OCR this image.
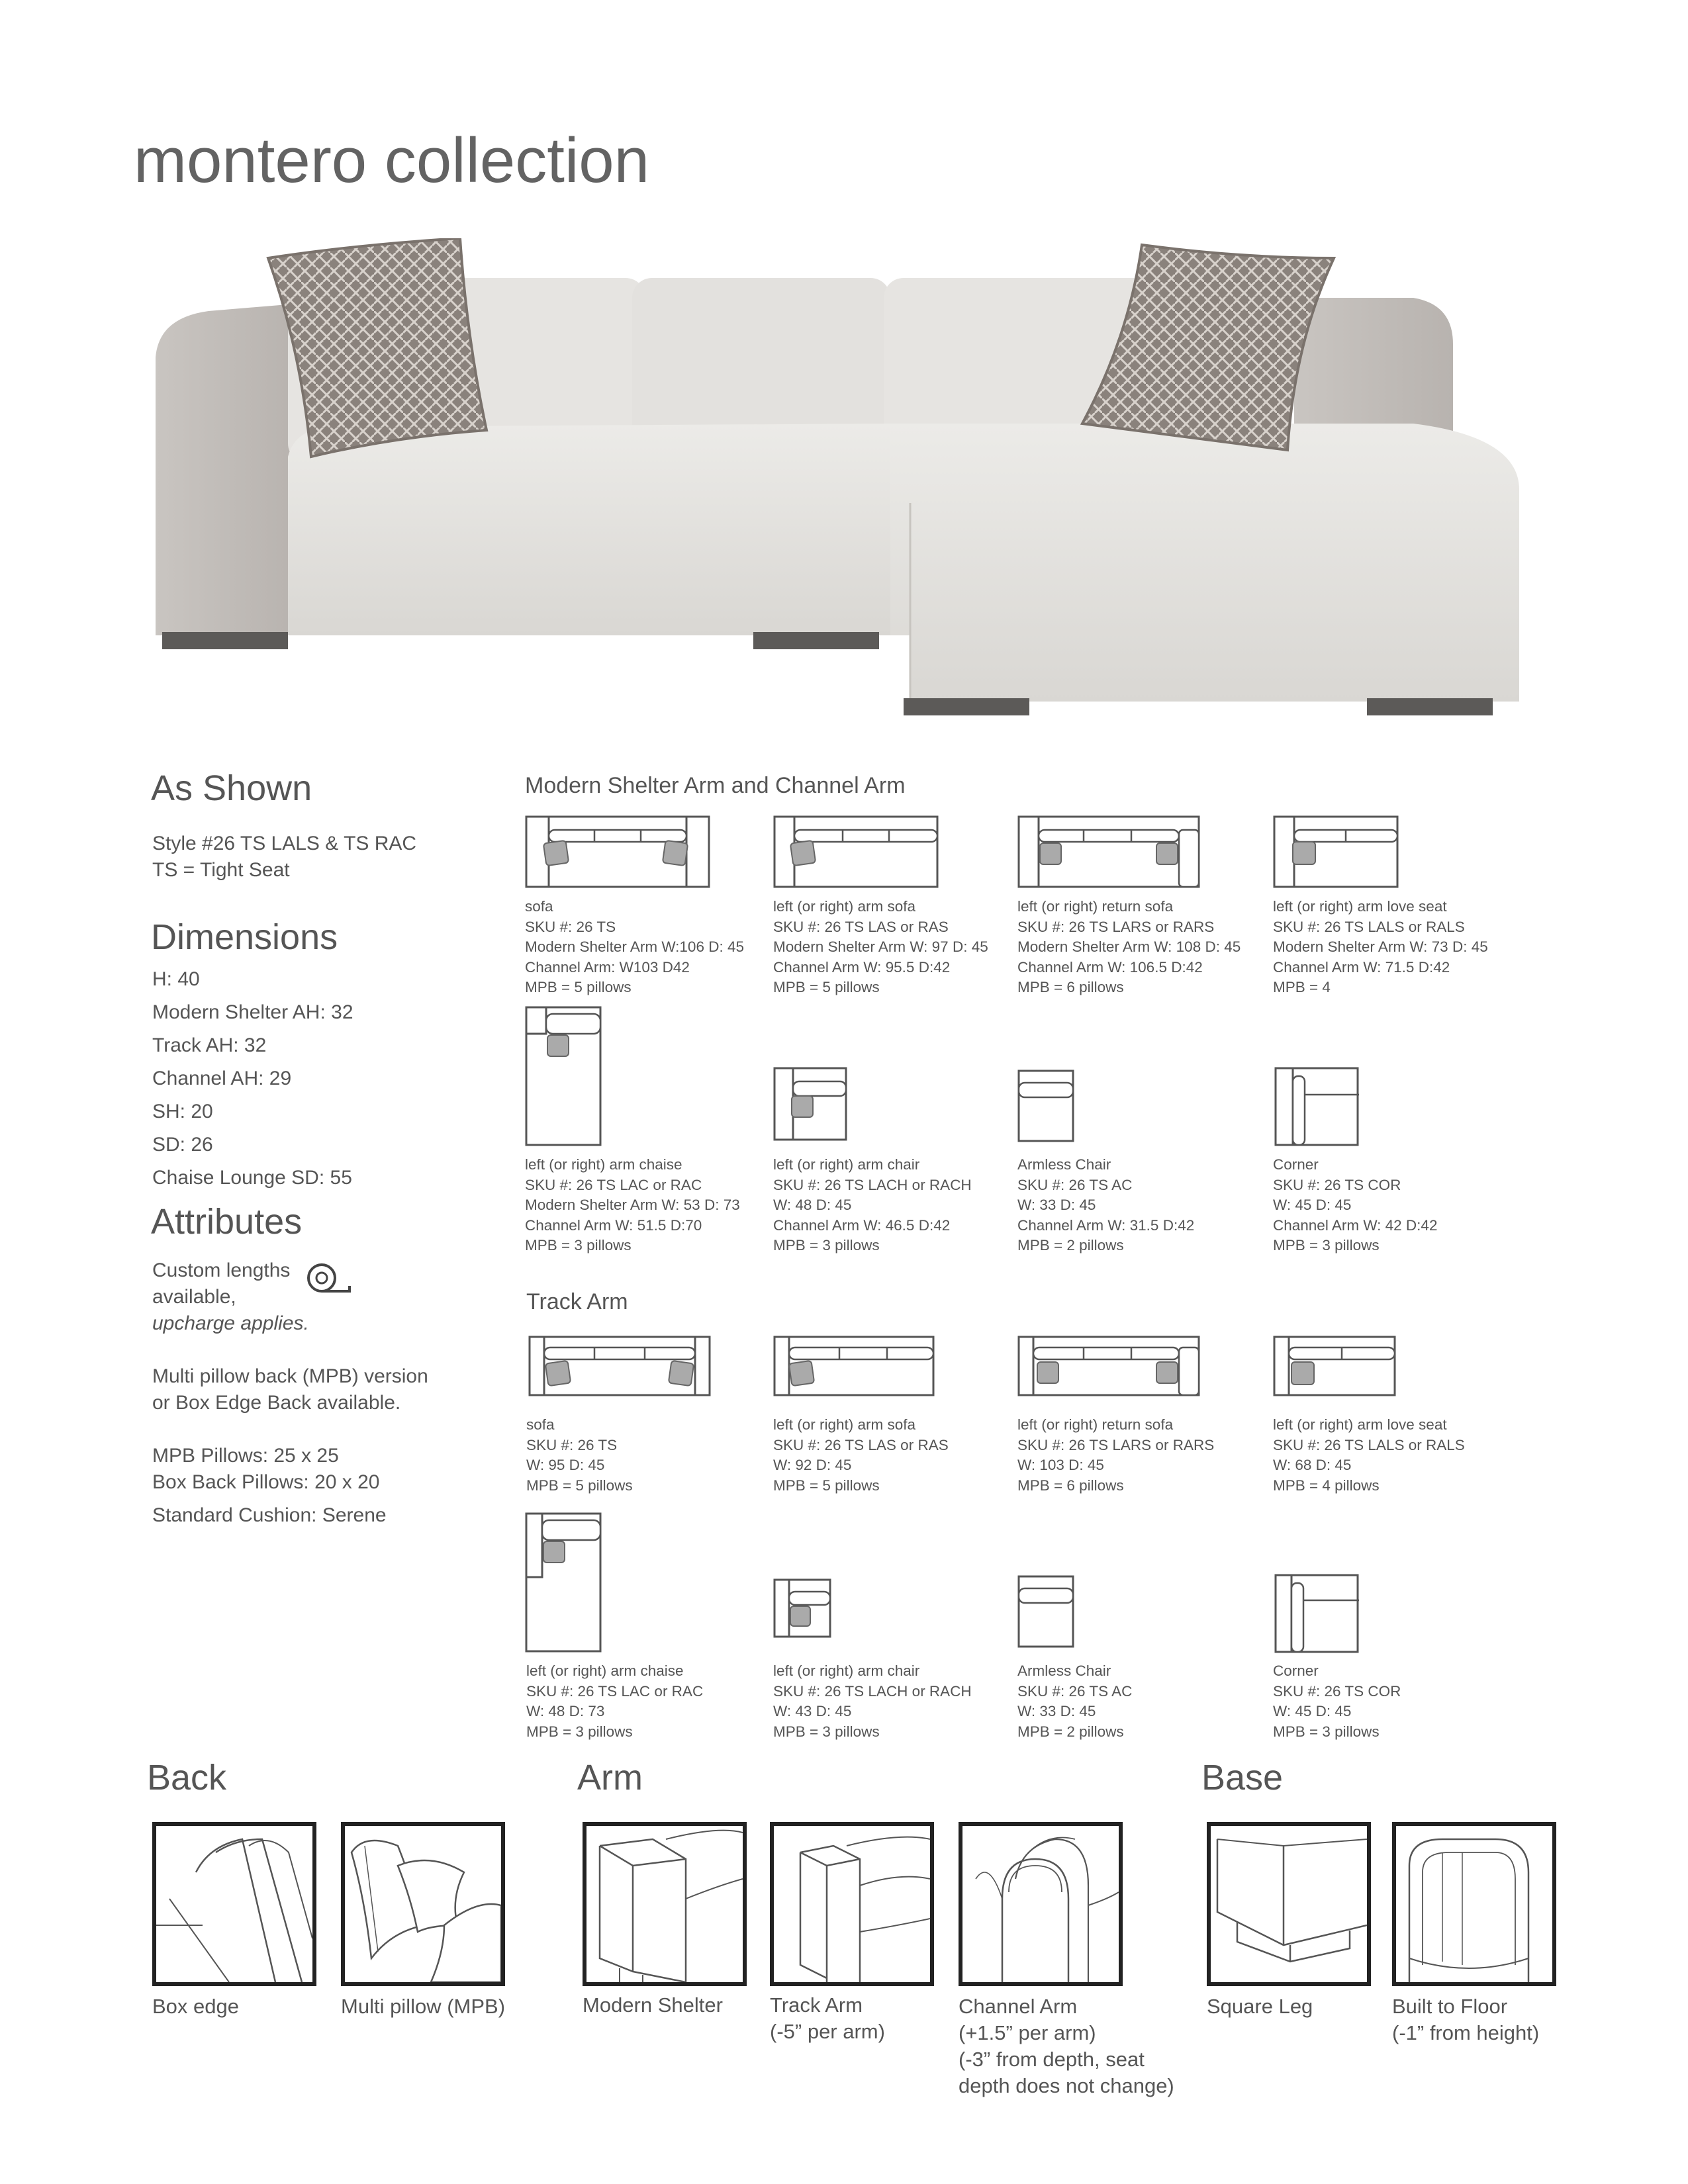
montero collection
As Shown
Style #26 TS LALS & TS RAC
TS = Tight Seat
Dimensions
H: 40
Modern Shelter AH: 32
Track AH: 32
Channel AH: 29
SH: 20
SD: 26
Chaise Lounge SD: 55
Attributes
Custom lengths
available,
upcharge applies.
Multi pillow back (MPB) version
or Box Edge Back available.
MPB Pillows: 25 x 25
Box Back Pillows: 20 x 20
Standard Cushion: Serene
Modern Shelter Arm and Channel Arm
sofa
SKU #: 26 TS
Modern Shelter Arm W:106 D: 45
Channel Arm: W103 D42
MPB = 5 pillows
left (or right) arm sofa
SKU #: 26 TS LAS or RAS
Modern Shelter Arm W: 97 D: 45
Channel Arm W: 95.5 D:42
MPB = 5 pillows
left (or right) return sofa
SKU #: 26 TS LARS or RARS
Modern Shelter Arm W: 108 D: 45
Channel Arm W: 106.5 D:42
MPB = 6 pillows
left (or right) arm love seat
SKU #: 26 TS LALS or RALS
Modern Shelter Arm W: 73 D: 45
Channel Arm W: 71.5 D:42
MPB = 4
left (or right) arm chaise
SKU #: 26 TS LAC or RAC
Modern Shelter Arm W: 53 D: 73
Channel Arm W: 51.5 D:70
MPB = 3 pillows
left (or right) arm chair
SKU #: 26 TS LACH or RACH
W: 48 D: 45
Channel Arm W: 46.5 D:42
MPB = 3 pillows
Armless Chair
SKU #: 26 TS AC
W: 33 D: 45
Channel Arm W: 31.5 D:42
MPB = 2 pillows
Corner
SKU #: 26 TS COR
W: 45 D: 45
Channel Arm W: 42 D:42
MPB = 3 pillows
Track Arm
sofa
SKU #: 26 TS
W: 95 D: 45
MPB = 5 pillows
left (or right) arm sofa
SKU #: 26 TS LAS or RAS
W: 92 D: 45
MPB = 5 pillows
left (or right) return sofa
SKU #: 26 TS LARS or RARS
W: 103 D: 45
MPB = 6 pillows
left (or right) arm love seat
SKU #: 26 TS LALS or RALS
W: 68 D: 45
MPB = 4 pillows
left (or right) arm chaise
SKU #: 26 TS LAC or RAC
W: 48 D: 73
MPB = 3 pillows
left (or right) arm chair
SKU #: 26 TS LACH or RACH
W: 43 D: 45
MPB = 3 pillows
Armless Chair
SKU #: 26 TS AC
W: 33 D: 45
MPB = 2 pillows
Corner
SKU #: 26 TS COR
W: 45 D: 45
MPB = 3 pillows
Back	Arm	Base
Box edge	Multi pillow (MPB)	Modern Shelter Track Arm
(-5” per arm)
Channel Arm
(+1.5” per arm)
(-3” from depth, seat
depth does not change)
Square Leg	Built to Floor
(-1” from height)
